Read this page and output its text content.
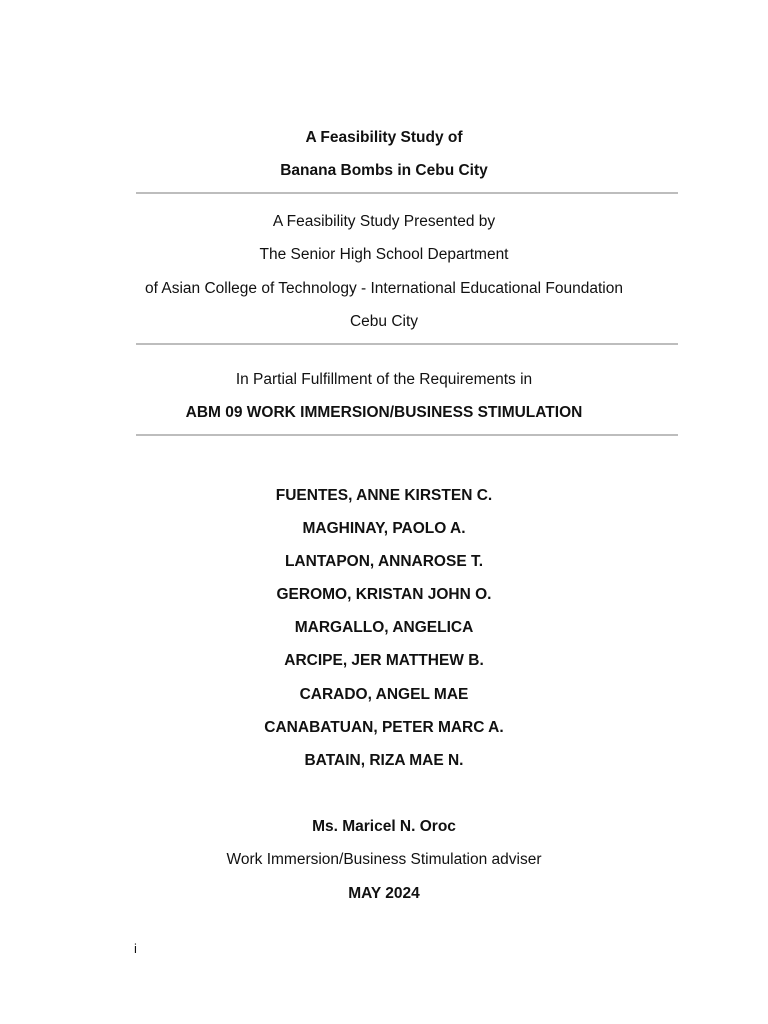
A Feasibility Study of
Banana Bombs in Cebu City
A Feasibility Study Presented by
The Senior High School Department
of Asian College of Technology - International Educational Foundation
Cebu City
In Partial Fulfillment of the Requirements in
ABM 09 WORK IMMERSION/BUSINESS STIMULATION
FUENTES, ANNE KIRSTEN C.
MAGHINAY, PAOLO A.
LANTAPON, ANNAROSE T.
GEROMO, KRISTAN JOHN O.
MARGALLO, ANGELICA
ARCIPE, JER MATTHEW B.
CARADO, ANGEL MAE
CANABATUAN, PETER MARC A.
BATAIN, RIZA MAE N.
Ms. Maricel N. Oroc
Work Immersion/Business Stimulation adviser
MAY 2024
i
